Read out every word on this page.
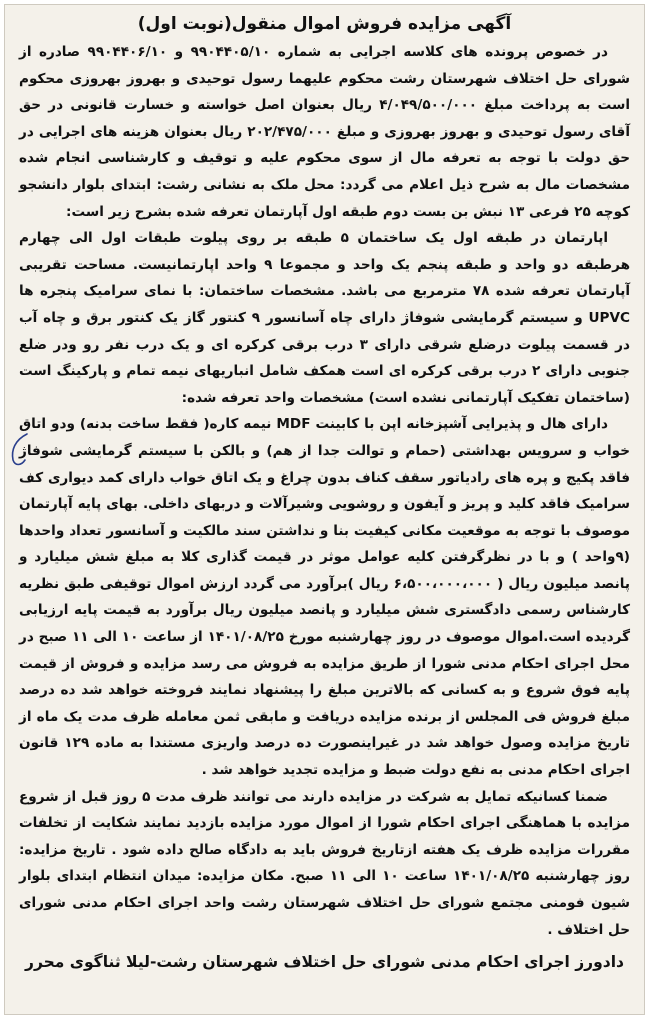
آگهی مزایده فروش اموال منقول(نوبت اول)

در خصوص پرونده های کلاسه اجرایی به شماره ۹۹۰۴۴۰۵/۱۰ و ۹۹۰۴۴۰۶/۱۰ صادره از شورای حل اختلاف شهرستان رشت محکوم علیهما رسول توحیدی و بهروز بهروزی محکوم است به پرداخت مبلغ ۴/۰۴۹/۵۰۰/۰۰۰ ریال بعنوان اصل خواسته و خسارت قانونی در حق آقای رسول توحیدی و بهروز بهروزی و مبلغ ۲۰۲/۴۷۵/۰۰۰ ریال بعنوان هزینه های اجرایی در حق دولت با توجه به تعرفه مال از سوی محکوم علیه و توقیف و کارشناسی انجام شده مشخصات مال به شرح ذیل اعلام می گردد: محل ملک به نشانی رشت: ابتدای بلوار دانشجو کوچه ۲۵ فرعی ۱۳ نبش بن بست دوم طبقه اول آپارتمان تعرفه شده بشرح زیر است:

اپارتمان در طبقه اول یک ساختمان ۵ طبقه بر روی پیلوت طبقات اول الی چهارم هرطبقه دو واحد و طبقه پنجم یک واحد و مجموعا ۹ واحد اپارتمانیست. مساحت تقریبی آپارتمان تعرفه شده ۷۸ مترمربع می باشد. مشخصات ساختمان: با نمای سرامیک پنجره ها UPVC و سیستم گرمایشی شوفاژ دارای چاه آسانسور ۹ کنتور گاز یک کنتور برق و چاه آب در قسمت پیلوت درضلع شرقی دارای ۳ درب برقی کرکره ای و یک درب نفر رو ودر ضلع جنوبی دارای ۲ درب برقی کرکره ای است همکف شامل انباریهای نیمه تمام و پارکینگ است (ساختمان تفکیک آپارتمانی نشده است) مشخصات واحد تعرفه شده:

دارای هال و پذیرایی آشپزخانه اپن با کابینت MDF نیمه کاره( فقط ساخت بدنه) ودو اتاق خواب و سرویس بهداشتی (حمام و توالت جدا از هم) و بالکن با سیستم گرمایشی شوفاژ فاقد پکیج و پره های رادیاتور سقف کناف بدون چراغ و یک اتاق خواب دارای کمد دیواری کف سرامیک فاقد کلید و پریز و آیفون و روشویی وشیرآلات و دربهای داخلی. بهای پایه آپارتمان موصوف با توجه به موقعیت مکانی کیفیت بنا و نداشتن سند مالکیت و آسانسور تعداد واحدها (۹واحد ) و با در نظرگرفتن کلیه عوامل موثر در قیمت گذاری کلا به مبلغ شش میلیارد و پانصد میلیون ریال ( ۶،۵۰۰،۰۰۰،۰۰۰ ریال )برآورد می گردد ارزش اموال توقیفی طبق نظریه کارشناس رسمی دادگستری شش میلیارد و پانصد میلیون ریال برآورد به قیمت پایه ارزیابی گردیده است.اموال موصوف در روز چهارشنبه مورخ ۱۴۰۱/۰۸/۲۵ از ساعت ۱۰ الی ۱۱ صبح در محل اجرای احکام مدنی شورا از طریق مزایده به فروش می رسد مزایده و فروش از قیمت پایه فوق شروع و به کسانی که بالاترین مبلغ را پیشنهاد نمایند فروخته خواهد شد ده درصد مبلغ فروش فی المجلس از برنده مزایده دریافت و مابقی ثمن معامله ظرف مدت یک ماه از تاریخ مزایده وصول خواهد شد در غیراینصورت ده درصد واریزی مستندا به ماده ۱۲۹ قانون اجرای احکام مدنی به نفع دولت ضبط و مزایده تجدید خواهد شد .

ضمنا کسانیکه تمایل به شرکت در مزایده دارند می توانند ظرف مدت ۵ روز قبل از شروع مزایده با هماهنگی اجرای احکام شورا از اموال مورد مزایده بازدید نمایند شکایت از تخلفات مقررات مزایده ظرف یک هفته ازتاریخ فروش باید به دادگاه صالح داده شود . تاریخ مزایده: روز چهارشنبه ۱۴۰۱/۰۸/۲۵ ساعت ۱۰ الی ۱۱ صبح. مکان مزایده: میدان انتظام ابتدای بلوار شیون فومنی مجتمع شورای حل اختلاف شهرستان رشت واحد اجرای احکام مدنی شورای حل اختلاف .

دادورز اجرای احکام مدنی شورای حل اختلاف شهرستان رشت-لیلا ثناگوی محرر
